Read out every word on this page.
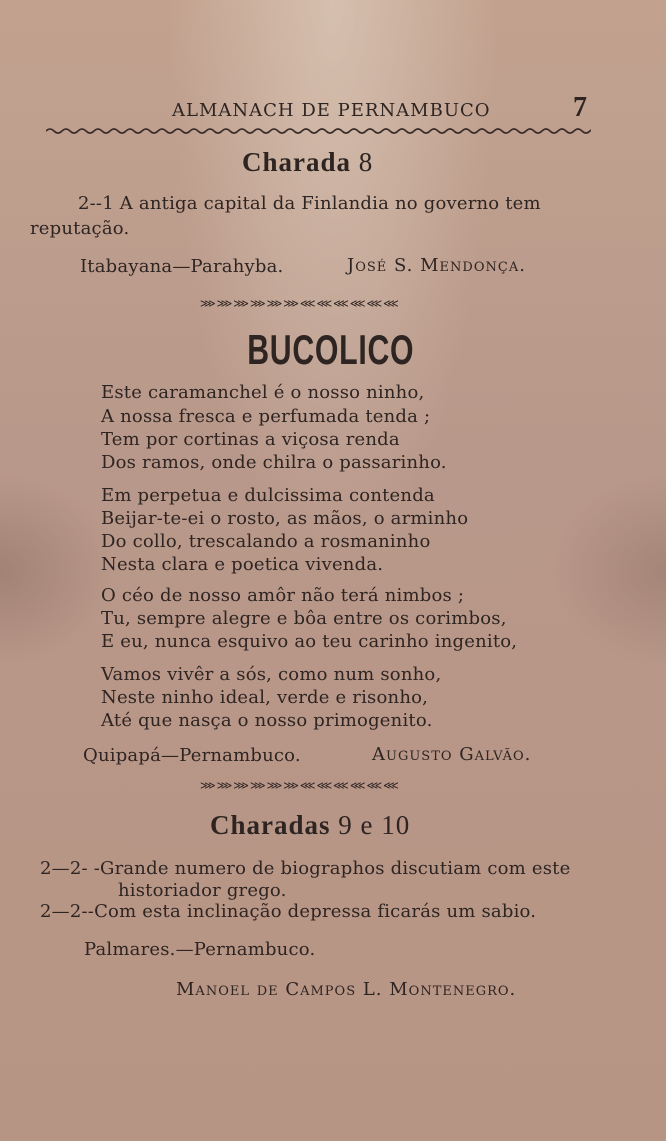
ALMANACH DE PERNAMBUCO	7
Charada 8
2--1 A antiga capital da Finlandia no governo tem
reputação.
Itabayana—Parahyba.	José S. Mendonça.
⋙⋙⋙⋙⋙⋙⋘⋘⋘⋘⋘⋘
BUCOLICO
Este caramanchel é o nosso ninho,
A nossa fresca e perfumada tenda ;
Tem por cortinas a viçosa renda
Dos ramos, onde chilra o passarinho.
Em perpetua e dulcissima contenda
Beijar-te-ei o rosto, as mãos, o arminho
Do collo, trescalando a rosmaninho
Nesta clara e poetica vivenda.
O céo de nosso amôr não terá nimbos ;
Tu, sempre alegre e bôa entre os corimbos,
E eu, nunca esquivo ao teu carinho ingenito,
Vamos vivêr a sós, como num sonho,
Neste ninho ideal, verde e risonho,
Até que nasça o nosso primogenito.
Quipapá—Pernambuco.	Augusto Galvão.
⋙⋙⋙⋙⋙⋙⋘⋘⋘⋘⋘⋘
Charadas 9 e 10
2—2- -Grande numero de biographos discutiam com este
historiador grego.
2—2--Com esta inclinação depressa ficarás um sabio.
Palmares.—Pernambuco.
Manoel de Campos L. Montenegro.
